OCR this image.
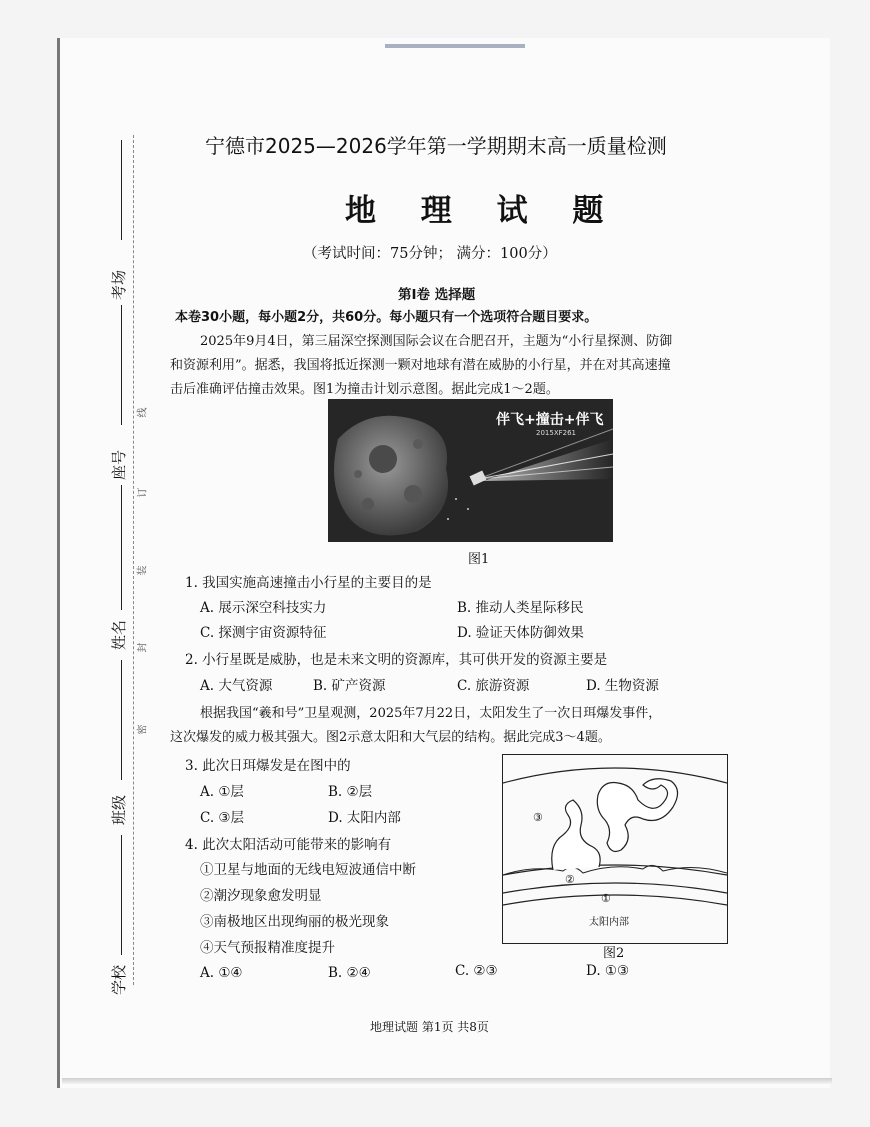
考场
座号
姓名
班级
学校
线
订
装
封
密
宁德市2025—2026学年第一学期期末高一质量检测
地 理 试 题
（考试时间：75分钟； 满分：100分）
第Ⅰ卷 选择题
本卷30小题，每小题2分，共60分。每小题只有一个选项符合题目要求。
2025年9月4日，第三届深空探测国际会议在合肥召开，主题为“小行星探测、防御
和资源利用”。据悉，我国将抵近探测一颗对地球有潜在威胁的小行星，并在对其高速撞
击后准确评估撞击效果。图1为撞击计划示意图。据此完成1～2题。
伴飞+撞击+伴飞
2015XF261
图1
1. 我国实施高速撞击小行星的主要目的是
A. 展示深空科技实力	B. 推动人类星际移民
C. 探测宇宙资源特征	D. 验证天体防御效果
2. 小行星既是威胁，也是未来文明的资源库，其可供开发的资源主要是
A. 大气资源	B. 矿产资源	C. 旅游资源	D. 生物资源
根据我国“羲和号”卫星观测，2025年7月22日，太阳发生了一次日珥爆发事件，
这次爆发的威力极其强大。图2示意太阳和大气层的结构。据此完成3～4题。
3. 此次日珥爆发是在图中的
A. ①层	B. ②层
C. ③层	D. 太阳内部
4. 此次太阳活动可能带来的影响有
①卫星与地面的无线电短波通信中断
②潮汐现象愈发明显
③南极地区出现绚丽的极光现象
④天气预报精准度提升
A. ①④	B. ②④	C. ②③	D. ①③
③
②
①
太阳内部
图2
地理试题 第1页 共8页
